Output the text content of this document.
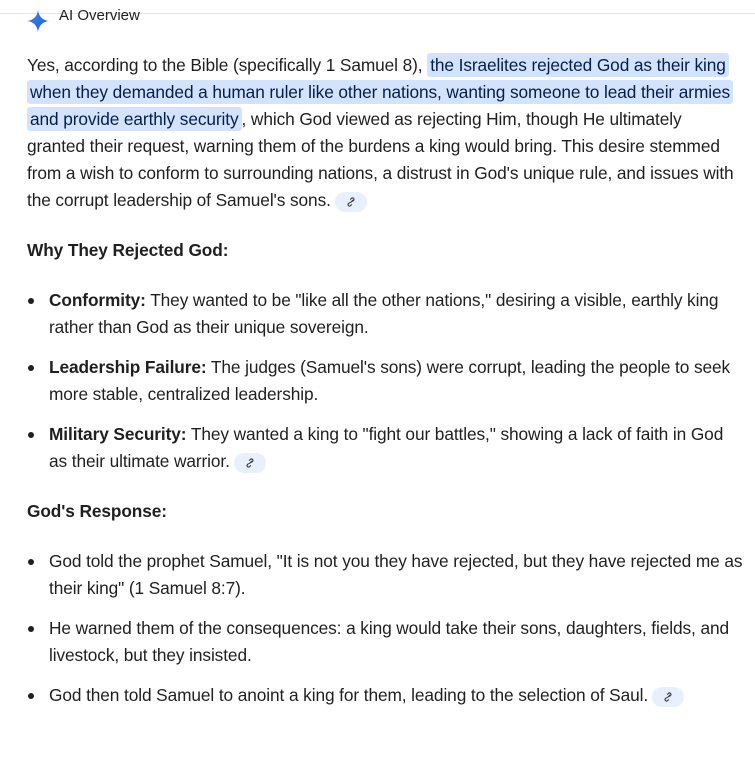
AI Overview

Yes, according to the Bible (specifically 1 Samuel 8), the Israelites rejected God as their king when they demanded a human ruler like other nations, wanting someone to lead their armies and provide earthly security , which God viewed as rejecting Him, though He ultimately granted their request, warning them of the burdens a king would bring. This desire stemmed from a wish to conform to surrounding nations, a distrust in God's unique rule, and issues with the corrupt leadership of Samuel's sons.

Why They Rejected God:
Conformity: They wanted to be "like all the other nations," desiring a visible, earthly king rather than God as their unique sovereign.
Leadership Failure: The judges (Samuel's sons) were corrupt, leading the people to seek more stable, centralized leadership.
Military Security: They wanted a king to "fight our battles," showing a lack of faith in God as their ultimate warrior.
God's Response:
God told the prophet Samuel, "It is not you they have rejected, but they have rejected me as their king" (1 Samuel 8:7).
He warned them of the consequences: a king would take their sons, daughters, fields, and livestock, but they insisted.
God then told Samuel to anoint a king for them, leading to the selection of Saul.
